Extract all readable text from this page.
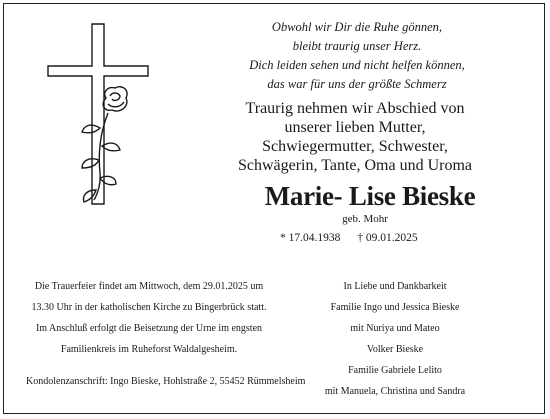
Obwohl wir Dir die Ruhe gönnen,
bleibt traurig unser Herz.
Dich leiden sehen und nicht helfen können,
das war für uns der größte Schmerz
Traurig nehmen wir Abschied von
unserer lieben Mutter,
Schwiegermutter, Schwester,
Schwägerin, Tante, Oma und Uroma
Marie- Lise Bieske
geb. Mohr
* 17.04.1938 † 09.01.2025
Die Trauerfeier findet am Mittwoch, dem 29.01.2025 um
13.30 Uhr in der katholischen Kirche zu Bingerbrück statt.
Im Anschluß erfolgt die Beisetzung der Urne im engsten
Familienkreis im Ruheforst Waldalgesheim.
Kondolenzanschrift: Ingo Bieske, Hohlstraße 2, 55452 Rümmelsheim
In Liebe und Dankbarkeit
Familie Ingo und Jessica Bieske
mit Nuriya und Mateo
Volker Bieske
Familie Gabriele Lelito
mit Manuela, Christina und Sandra
